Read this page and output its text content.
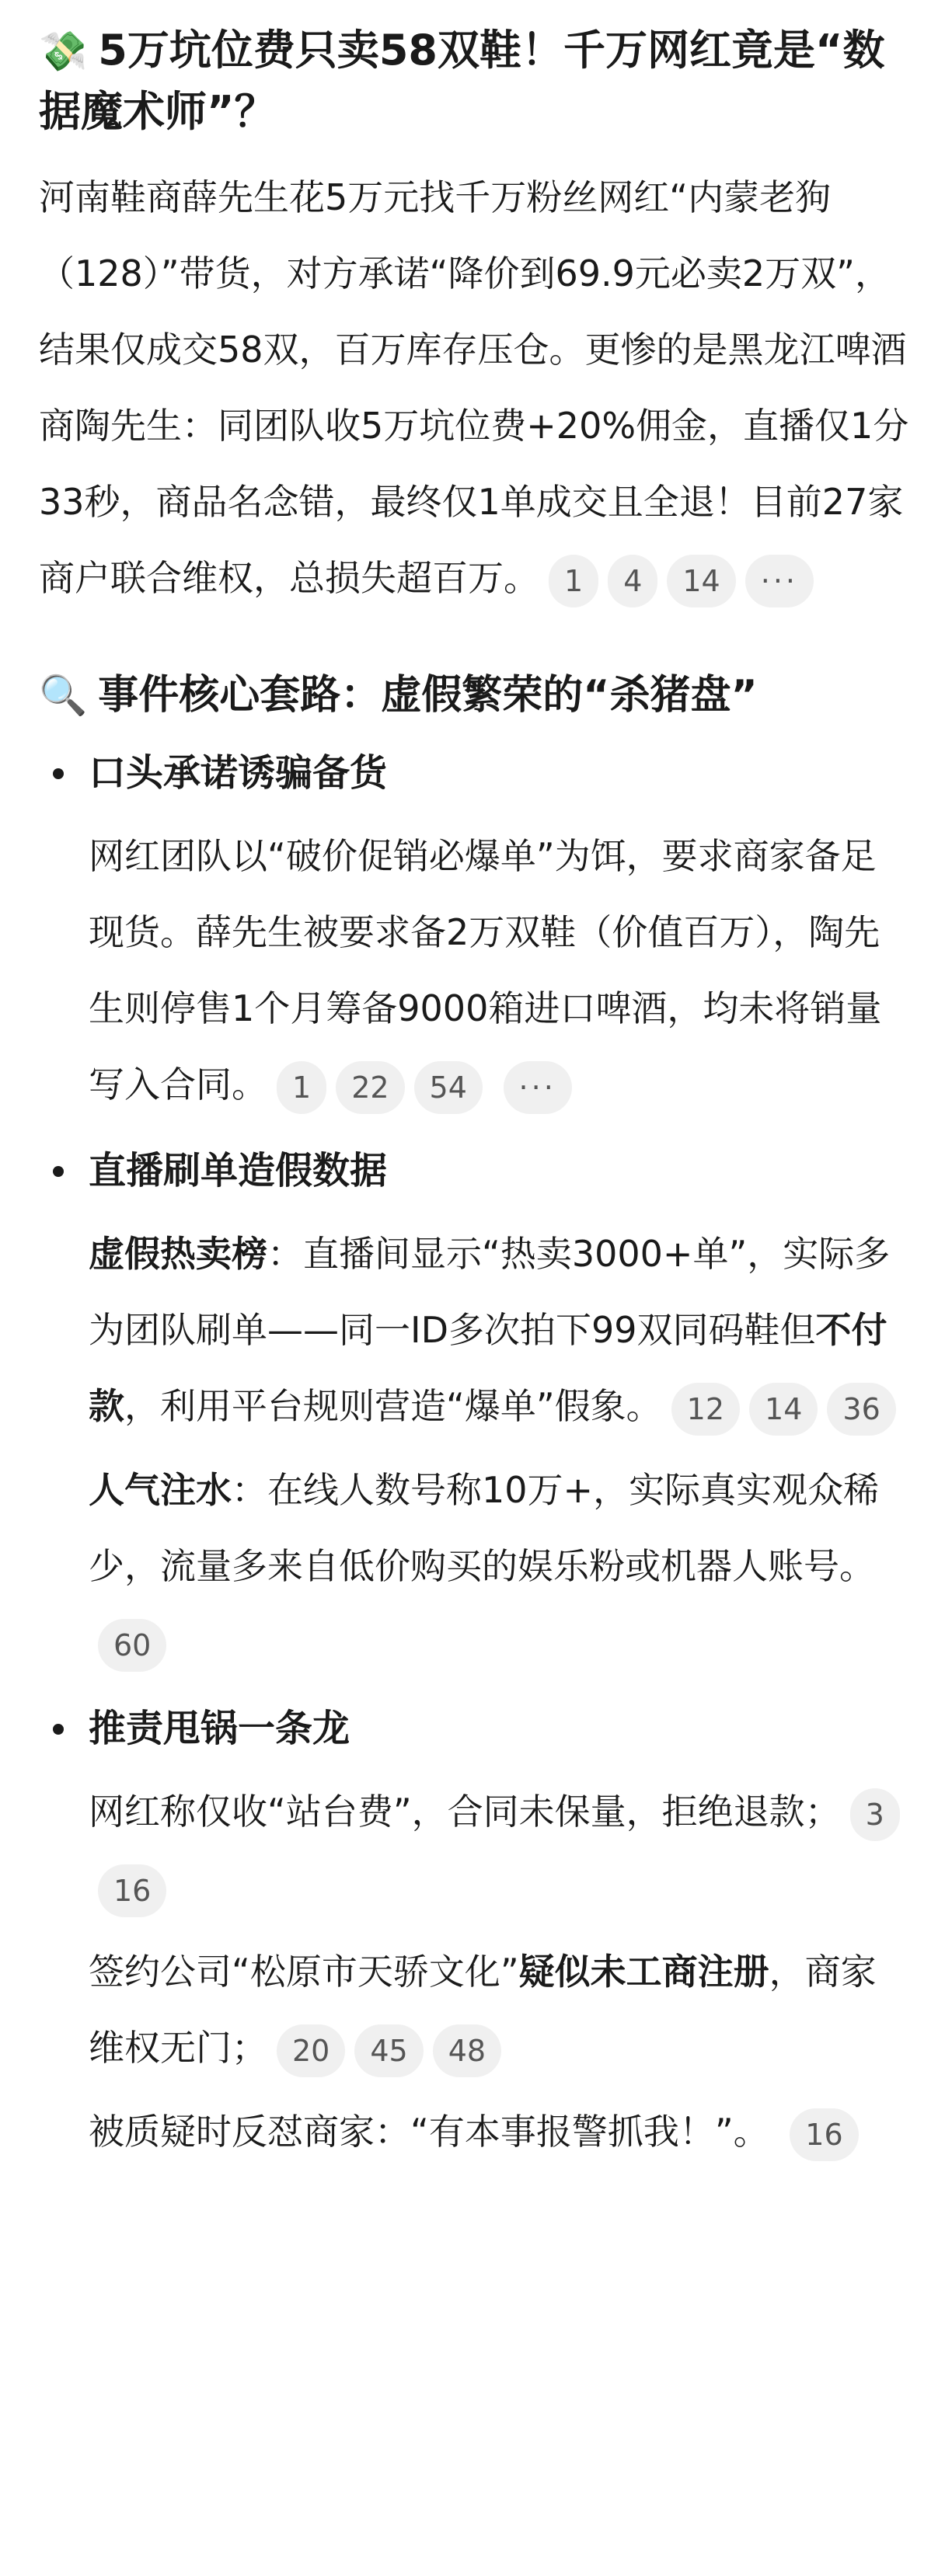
💸 5万坑位费只卖58双鞋！千万网红竟是“数据魔术师”？

河南鞋商薛先生花5万元找千万粉丝网红“内蒙老狗（128）”带货，对方承诺“降价到69.9元必卖2万双”，结果仅成交58双，百万库存压仓。更惨的是黑龙江啤酒商陶先生：同团队收5万坑位费+20%佣金，直播仅1分33秒，商品名念错，最终仅1单成交且全退！目前27家商户联合维权，总损失超百万。 1 4 14 ···

🔍 事件核心套路：虚假繁荣的“杀猪盘”
口头承诺诱骗备货

网红团队以“破价促销必爆单”为饵，要求商家备足现货。薛先生被要求备2万双鞋（价值百万），陶先生则停售1个月筹备9000箱进口啤酒，均未将销量写入合同。 1 22 54 ···

直播刷单造假数据

虚假热卖榜：直播间显示“热卖3000+单”，实际多为团队刷单——同一ID多次拍下99双同码鞋但不付款，利用平台规则营造“爆单”假象。 12 14 36

人气注水：在线人数号称10万+，实际真实观众稀少，流量多来自低价购买的娱乐粉或机器人账号。60

推责甩锅一条龙

网红称仅收“站台费”，合同未保量，拒绝退款； 316

签约公司“松原市天骄文化”疑似未工商注册，商家维权无门； 20 45 48

被质疑时反怼商家：“有本事报警抓我！”。 16
